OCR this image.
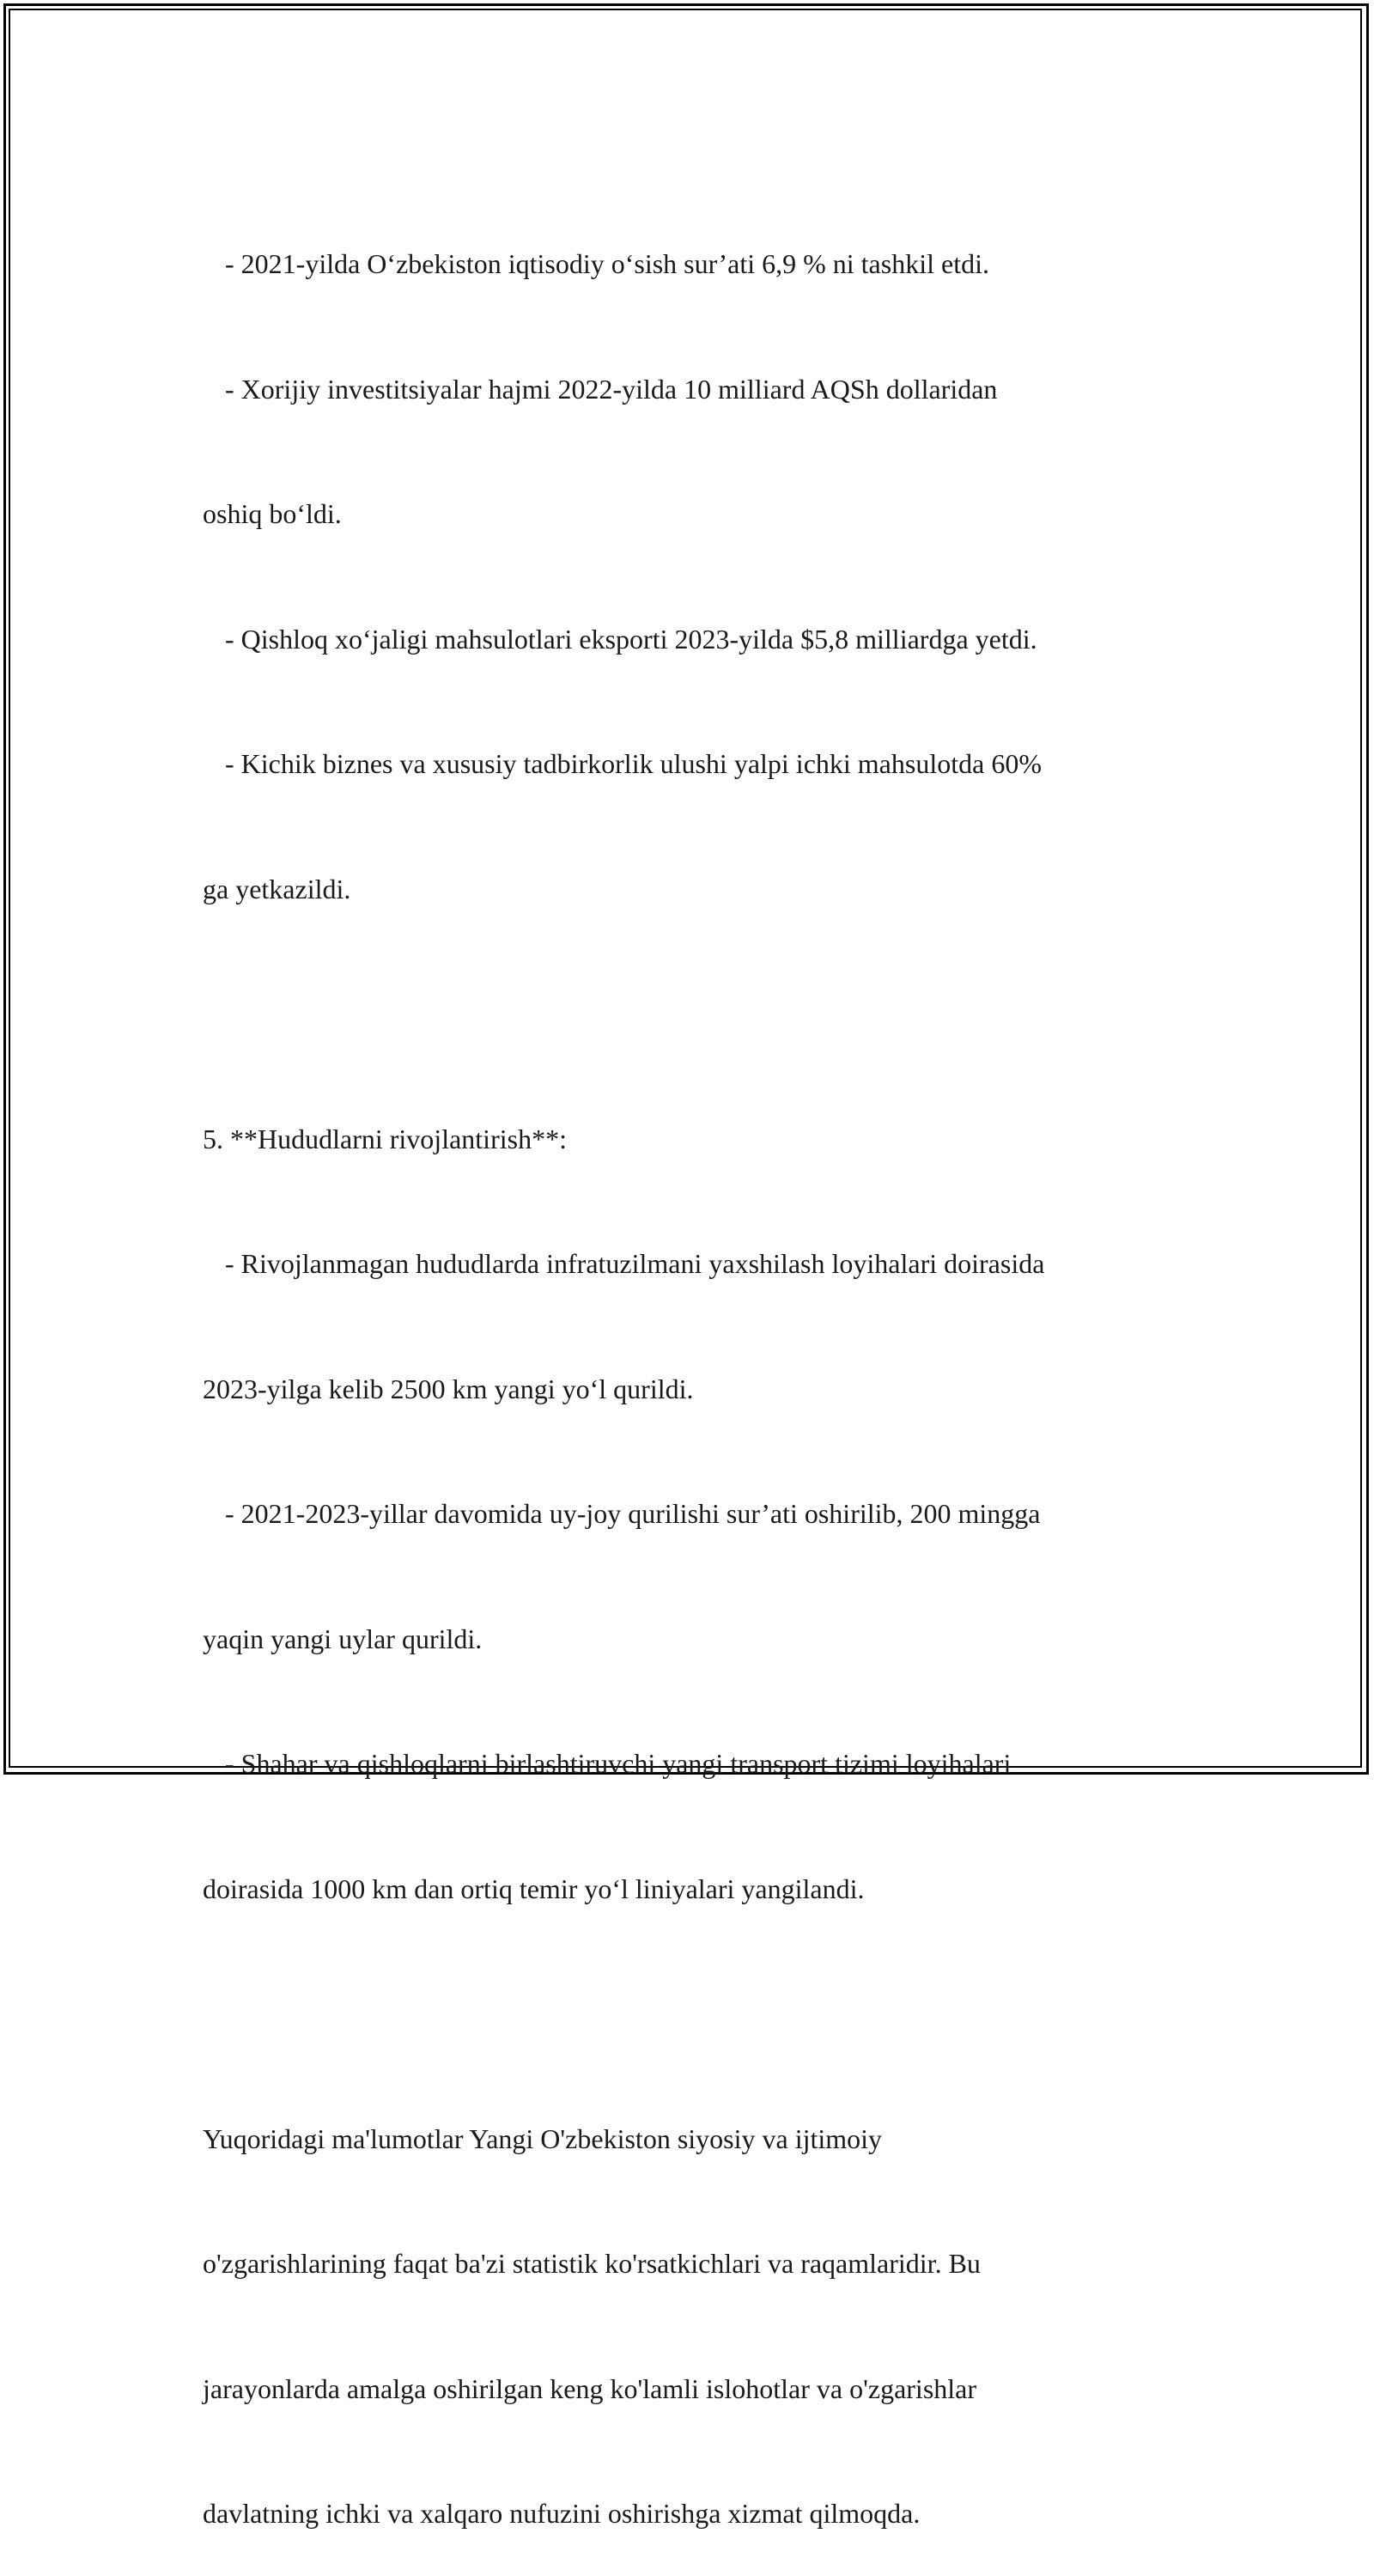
- 2021-yilda O‘zbekiston iqtisodiy o‘sish sur’ati 6,9 % ni tashkil etdi.

- Xorijiy investitsiyalar hajmi 2022-yilda 10 milliard AQSh dollaridan

oshiq bo‘ldi.

- Qishloq xo‘jaligi mahsulotlari eksporti 2023-yilda $5,8 milliardga yetdi.

- Kichik biznes va xususiy tadbirkorlik ulushi yalpi ichki mahsulotda 60%

ga yetkazildi.

5. **Hududlarni rivojlantirish**:

- Rivojlanmagan hududlarda infratuzilmani yaxshilash loyihalari doirasida

2023-yilga kelib 2500 km yangi yo‘l qurildi.

- 2021-2023-yillar davomida uy-joy qurilishi sur’ati oshirilib, 200 mingga

yaqin yangi uylar qurildi.

- Shahar va qishloqlarni birlashtiruvchi yangi transport tizimi loyihalari

doirasida 1000 km dan ortiq temir yo‘l liniyalari yangilandi.

Yuqoridagi ma'lumotlar Yangi O'zbekiston siyosiy va ijtimoiy

o'zgarishlarining faqat ba'zi statistik ko'rsatkichlari va raqamlaridir. Bu

jarayonlarda amalga oshirilgan keng ko'lamli islohotlar va o'zgarishlar

davlatning ichki va xalqaro nufuzini oshirishga xizmat qilmoqda.
